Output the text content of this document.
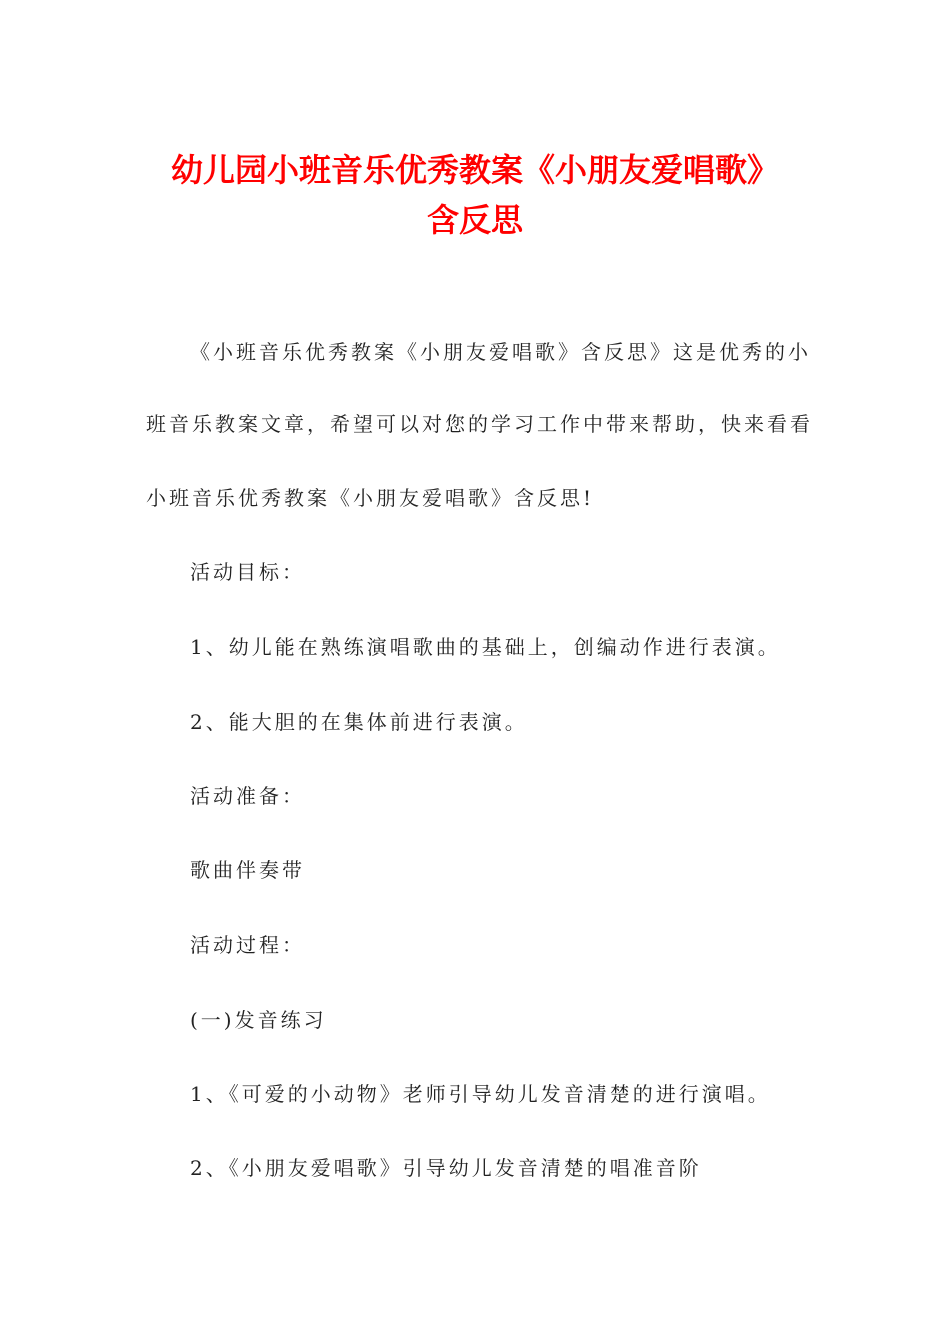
幼儿园小班音乐优秀教案《小朋友爱唱歌》
含反思

《小班音乐优秀教案《小朋友爱唱歌》含反思》这是优秀的小

班音乐教案文章，希望可以对您的学习工作中带来帮助，快来看看

小班音乐优秀教案《小朋友爱唱歌》含反思!

活动目标：

1、幼儿能在熟练演唱歌曲的基础上，创编动作进行表演。

2、能大胆的在集体前进行表演。

活动准备：

歌曲伴奏带

活动过程：

(一)发音练习

1、《可爱的小动物》老师引导幼儿发音清楚的进行演唱。

2、《小朋友爱唱歌》引导幼儿发音清楚的唱准音阶
